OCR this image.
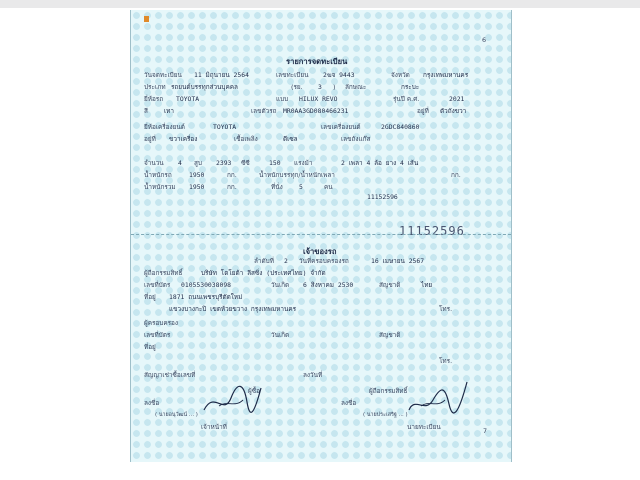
6
รายการจดทะเบียน
วันจดทะเบียน 11 มิถุนายน 2564	เลขทะเบียน 2ฆจ 9443	จังหวัด กรุงเทพมหานคร
ประเภท รถยนต์บรรทุกส่วนบุคคล	(รย. 3 ) ลักษณะ	กระบะ
ยี่ห้อรถ TOYOTA	แบบ HILUX REVO	รุ่นปี ค.ศ.	2021
สี	เทา	เลขตัวรถ MR0AA3GD080466231	อยู่ที่ ตัวถังขวา
ยี่ห้อเครื่องยนต์	TOYOTA	เลขเครื่องยนต์	2GDC840860
อยู่ที่ ขวาเครื่อง	เชื้อเพลิง	ดีเซล	เลขถังแก๊ส
จำนวน 4 สูบ 2393 ซีซี	150 แรงม้า	2 เพลา 4 ล้อ ยาง 4 เส้น
น้ำหนักรถ	1950	กก.	น้ำหนักบรรทุก/น้ำหนักเพลา	กก.
น้ำหนักรวม 1950	กก.	ที่นั่ง	5	คน
11152596
11152596
เจ้าของรถ
ลำดับที่ 2 วันที่ครอบครองรถ	16 เมษายน 2567
ผู้ถือกรรมสิทธิ์	บริษัท โตโยต้า ลีสซิ่ง (ประเทศไทย) จำกัด
เลขที่บัตร 0105530038098	วันเกิด 6 สิงหาคม 2530	สัญชาติ	ไทย
ที่อยู่ 1871 ถนนเพชรบุรีตัดใหม่
แขวงบางกะปิ เขตห้วยขวาง กรุงเทพมหานคร	โทร.
ผู้ครอบครอง
เลขที่บัตร	วันเกิด	สัญชาติ
ที่อยู่
โทร.
สัญญาเช่าซื้อเลขที่	ลงวันที่
ผู้ซื้อ	ผู้ถือกรรมสิทธิ์
ลงชื่อ	ลงชื่อ
( นายอนุวัฒน์ ... )	( นายประเสริฐ ... )
เจ้าหน้าที่	นายทะเบียน	7
